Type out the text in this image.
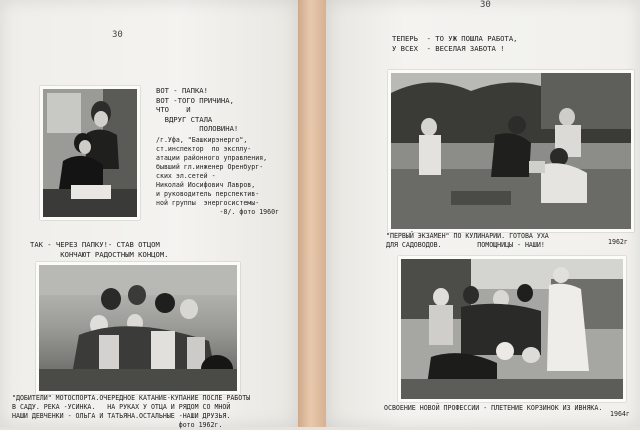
30
ВОТ - ПАПКА!
ВОТ -ТОГО ПРИЧИНА,
ЧТО    И
ВДРУГ СТАЛА
ПОЛОВИНА!
/г.Уфа, "Башкирэнерго",
ст.инспектор  по эксплу-
атации районного управления,
бывший гл.инженер Оренбург-
ских эл.сетей -
Николай Иосифович Лавров,
и руководитель перспектив-
ной группы  энергосистемы-
-8/. фото 1960г
ТАК - ЧЕРЕЗ ПАПКУ!- СТАВ ОТЦОМ
КОНЧАЮТ РАДОСТНЫМ КОНЦОМ.
"ДОБИТЕЛИ" МОТОСПОРТА.ОЧЕРЕДНОЕ КАТАНИЕ-КУПАНИЕ ПОСЛЕ РАБОТЫ
В САДУ. РЕКА -УСИНКА.   НА РУКАХ У ОТЦА И РЯДОМ СО МНОЙ
НАШИ ДЕВЧЕНКИ - ОЛЬГА И ТАТЬЯНА.ОСТАЛЬНЫЕ -НАШИ ДРУЗЬЯ.
фото 1962г.
30
ТЕПЕРЬ  - ТО УЖ ПОШЛА РАБОТА,
У ВСЕХ  - ВЕСЕЛАЯ ЗАБОТА !
"ПЕРВЫЙ ЭКЗАМЕН" ПО КУЛИНАРИИ. ГОТОВА УХА
ДЛЯ САДОВОДОВ.         ПОМОЩНИЦЫ - НАШИ!	1962г
ОСВОЕНИЕ НОВОЙ ПРОФЕССИИ - ПЛЕТЕНИЕ КОРЗИНОК ИЗ ИВНЯКА.
1964г
